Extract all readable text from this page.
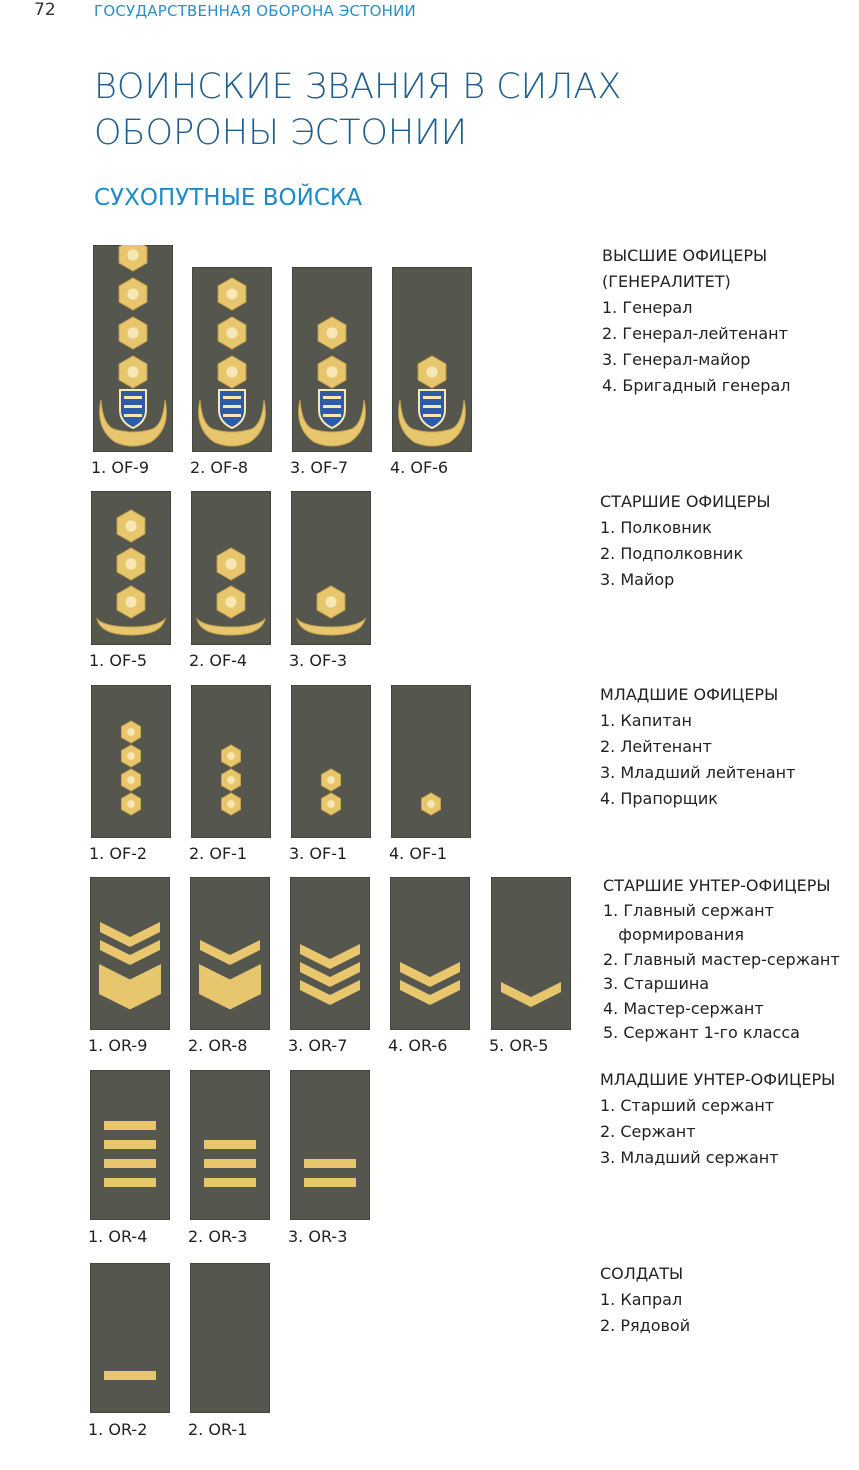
72	ГОСУДАРСТВЕННАЯ ОБОРОНА ЭСТОНИИ
ВОИНСКИЕ ЗВАНИЯ В СИЛАХ
ОБОРОНЫ ЭСТОНИИ
СУХОПУТНЫЕ ВОЙСКА
1. OF-9	2. OF-8	3. OF-7	4. OF-6
ВЫСШИЕ ОФИЦЕРЫ
(ГЕНЕРАЛИТЕТ)
1. Генерал
2. Генерал-лейтенант
3. Генерал-майор
4. Бригадный генерал
1. OF-5	2. OF-4	3. OF-3
СТАРШИЕ ОФИЦЕРЫ
1. Полковник
2. Подполковник
3. Майор
1. OF-2	2. OF-1	3. OF-1	4. OF-1
МЛАДШИЕ ОФИЦЕРЫ
1. Капитан
2. Лейтенант
3. Младший лейтенант
4. Прапорщик
1. OR-9	2. OR-8	3. OR-7	4. OR-6	5. OR-5
СТАРШИЕ УНТЕР-ОФИЦЕРЫ
1. Главный сержант
формирования
2. Главный мастер-сержант
3. Старшина
4. Мастер-сержант
5. Сержант 1-го класса
1. OR-4	2. OR-3	3. OR-3
МЛАДШИЕ УНТЕР-ОФИЦЕРЫ
1. Старший сержант
2. Сержант
3. Младший сержант
1. OR-2	2. OR-1
СОЛДАТЫ
1. Капрал
2. Рядовой
